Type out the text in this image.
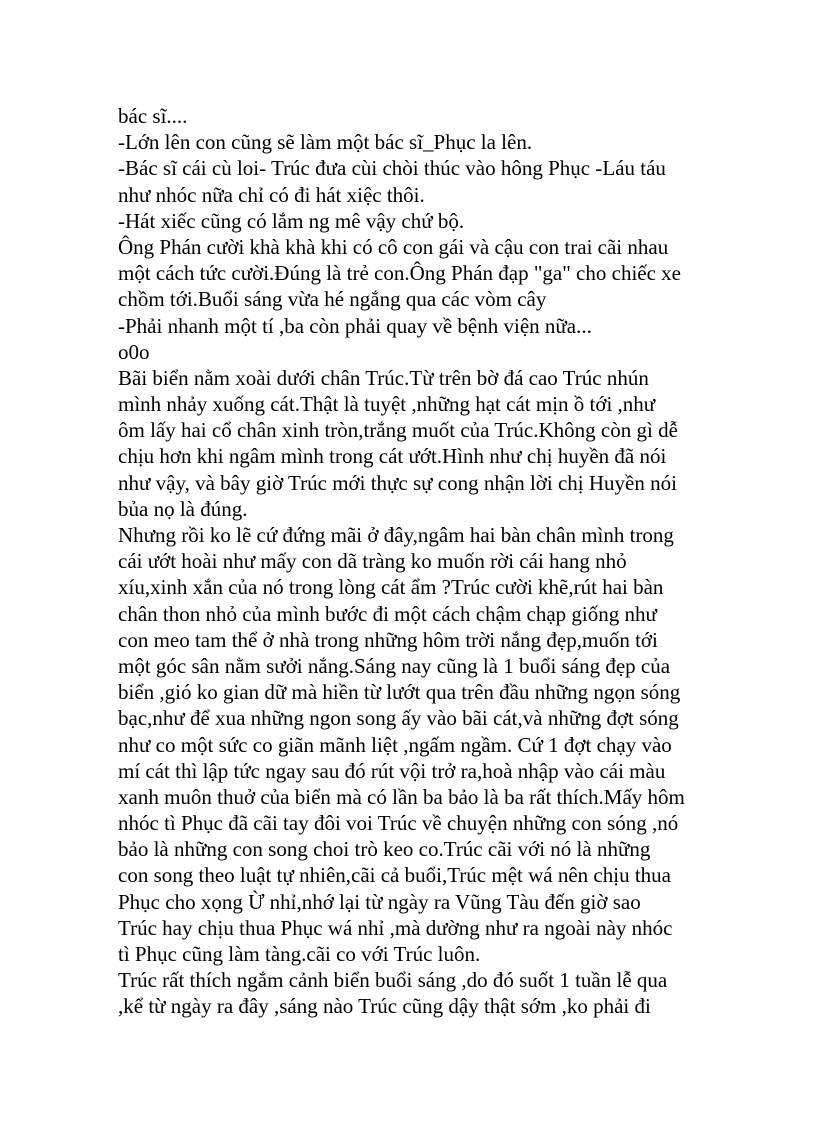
bác sĩ....
-Lớn lên con cũng sẽ làm một bác sĩ_Phục la lên.
-Bác sĩ cái cù loi- Trúc đưa cùi chòi thúc vào hông Phục -Láu táu
như nhóc nữa chỉ có đi hát xiệc thôi.
-Hát xiếc cũng có lắm ng mê vậy chứ bộ.
Ông Phán cười khà khà khi có cô con gái và cậu con trai cãi nhau
một cách tức cười.Đúng là trẻ con.Ông Phán đạp "ga" cho chiếc xe
chồm tới.Buổi sáng vừa hé ngắng qua các vòm cây
-Phải nhanh một tí ,ba còn phải quay về bệnh viện nữa...
o0o
Bãi biển nằm xoài dưới chân Trúc.Từ trên bờ đá cao Trúc nhún
mình nhảy xuống cát.Thật là tuyệt ,những hạt cát mịn ồ tới ,như
ôm lấy hai cổ chân xinh tròn,trắng muốt của Trúc.Không còn gì dễ
chịu hơn khi ngâm mình trong cát ướt.Hình như chị huyền đã nói
như vậy, và bây giờ Trúc mới thực sự cong nhận lời chị Huyền nói
bủa nọ là đúng.
Nhưng rồi ko lẽ cứ đứng mãi ở đây,ngâm hai bàn chân mình trong
cái ướt hoài như mấy con dã tràng ko muốn rời cái hang nhỏ
xíu,xinh xắn của nó trong lòng cát ẩm ?Trúc cười khẽ,rút hai bàn
chân thon nhỏ của mình bước đi một cách chậm chạp giống như
con meo tam thể ở nhà trong những hôm trời nắng đẹp,muốn tới
một góc sân nằm sưởi nắng.Sáng nay cũng là 1 buổi sáng đẹp của
biển ,gió ko gian dữ mà hiền từ lướt qua trên đầu những ngọn sóng
bạc,như để xua những ngon song ấy vào bãi cát,và những đợt sóng
như co một sức co giãn mãnh liệt ,ngấm ngầm. Cứ 1 đợt chạy vào
mí cát thì lập tức ngay sau đó rút vội trở ra,hoà nhập vào cái màu
xanh muôn thuở của biển mà có lần ba bảo là ba rất thích.Mấy hôm
nhóc tì Phục đã cãi tay đôi voi Trúc về chuyện những con sóng ,nó
bảo là những con song choi trò keo co.Trúc cãi với nó là những
con song theo luật tự nhiên,cãi cả buổi,Trúc mệt wá nên chịu thua
Phục cho xọng Ừ nhỉ,nhớ lại từ ngày ra Vũng Tàu đến giờ sao
Trúc hay chịu thua Phục wá nhỉ ,mà dường như ra ngoài này nhóc
tì Phục cũng làm tàng.cãi co với Trúc luôn.
Trúc rất thích ngắm cảnh biển buổi sáng ,do đó suốt 1 tuần lễ qua
,kể từ ngày ra đây ,sáng nào Trúc cũng dậy thật sớm ,ko phải đi
